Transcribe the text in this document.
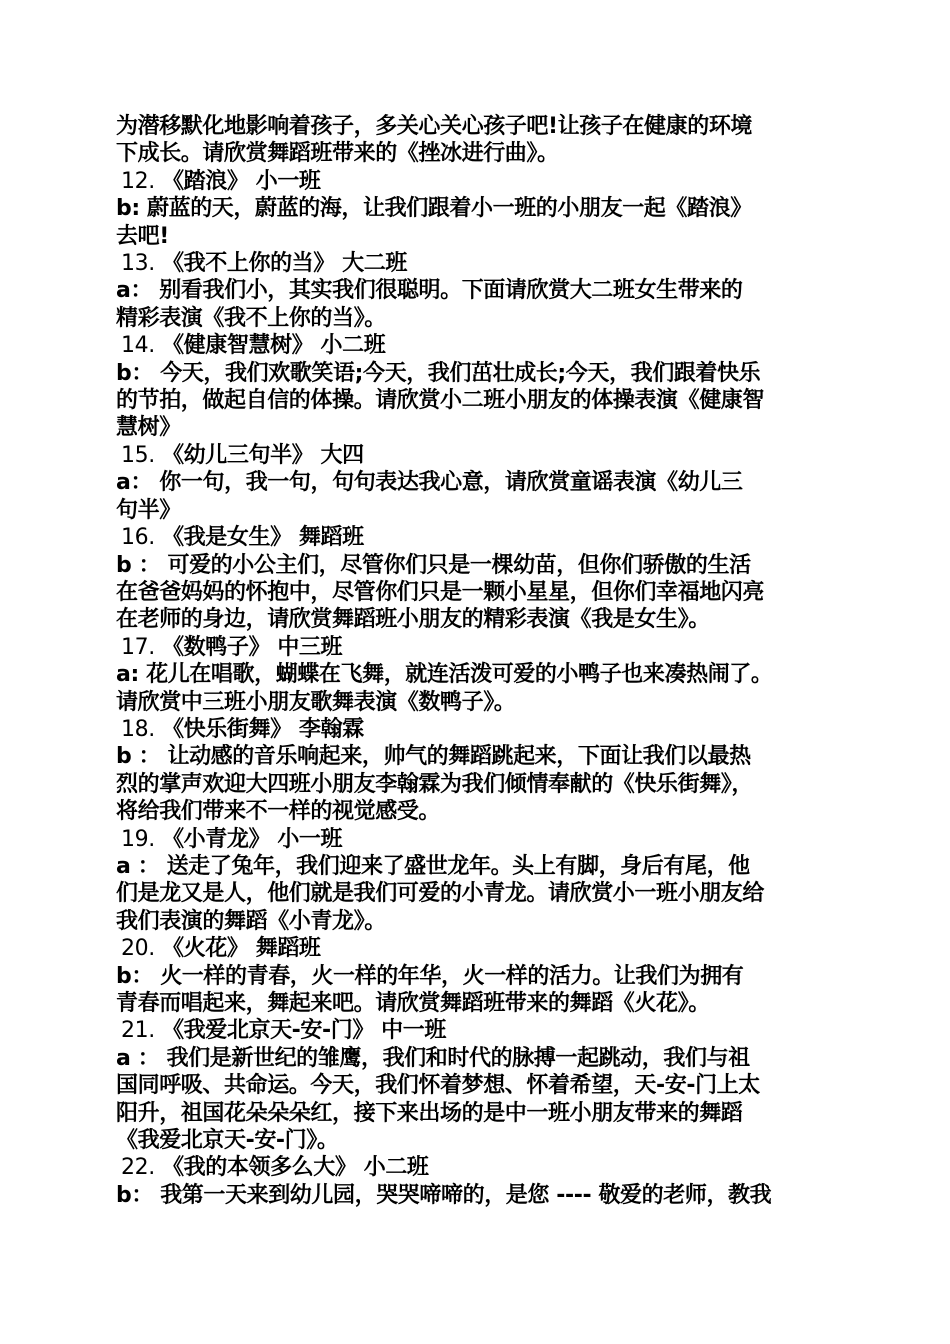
为潜移默化地影响着孩子，多关心关心孩子吧!让孩子在健康的环境
下成长。请欣赏舞蹈班带来的《挫冰进行曲》。
12. 《踏浪》 小一班
b: 蔚蓝的天，蔚蓝的海，让我们跟着小一班的小朋友一起《踏浪》
去吧!
13. 《我不上你的当》 大二班
a： 别看我们小，其实我们很聪明。下面请欣赏大二班女生带来的
精彩表演《我不上你的当》。
14. 《健康智慧树》 小二班
b： 今天，我们欢歌笑语;今天，我们茁壮成长;今天，我们跟着快乐
的节拍，做起自信的体操。请欣赏小二班小朋友的体操表演《健康智
慧树》
15. 《幼儿三句半》 大四
a： 你一句，我一句，句句表达我心意，请欣赏童谣表演《幼儿三
句半》
16. 《我是女生》 舞蹈班
b ： 可爱的小公主们，尽管你们只是一棵幼苗，但你们骄傲的生活
在爸爸妈妈的怀抱中，尽管你们只是一颗小星星，但你们幸福地闪亮
在老师的身边，请欣赏舞蹈班小朋友的精彩表演《我是女生》。
17. 《数鸭子》 中三班
a: 花儿在唱歌，蝴蝶在飞舞，就连活泼可爱的小鸭子也来凑热闹了。
请欣赏中三班小朋友歌舞表演《数鸭子》。
18. 《快乐街舞》 李翰霖
b ： 让动感的音乐响起来，帅气的舞蹈跳起来，下面让我们以最热
烈的掌声欢迎大四班小朋友李翰霖为我们倾情奉献的《快乐街舞》，
将给我们带来不一样的视觉感受。
19. 《小青龙》 小一班
a ： 送走了兔年，我们迎来了盛世龙年。头上有脚，身后有尾，他
们是龙又是人，他们就是我们可爱的小青龙。请欣赏小一班小朋友给
我们表演的舞蹈《小青龙》。
20. 《火花》 舞蹈班
b： 火一样的青春，火一样的年华，火一样的活力。让我们为拥有
青春而唱起来，舞起来吧。请欣赏舞蹈班带来的舞蹈《火花》。
21. 《我爱北京天-安-门》 中一班
a ： 我们是新世纪的雏鹰，我们和时代的脉搏一起跳动，我们与祖
国同呼吸、共命运。今天，我们怀着梦想、怀着希望，天-安-门上太
阳升，祖国花朵朵朵红，接下来出场的是中一班小朋友带来的舞蹈
《我爱北京天-安-门》。
22. 《我的本领多么大》 小二班
b： 我第一天来到幼儿园，哭哭啼啼的，是您 ---- 敬爱的老师，教我
